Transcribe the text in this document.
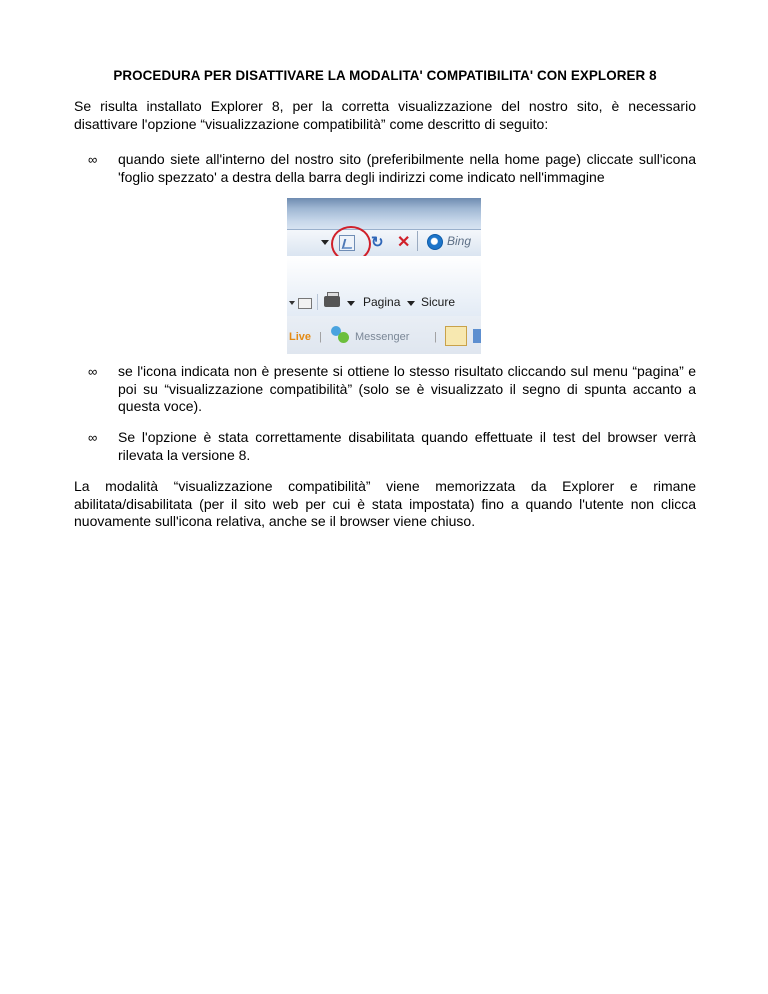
PROCEDURA PER DISATTIVARE LA MODALITA' COMPATIBILITA' CON EXPLORER 8

Se risulta installato Explorer 8, per la corretta visualizzazione del nostro sito, è necessario disattivare l'opzione “visualizzazione compatibilità” come descritto di seguito:

∞ quando siete all'interno del nostro sito (preferibilmente nella home page) cliccate sull'icona 'foglio spezzato' a destra della barra degli indirizzi come indicato nell'immagine

∞ se l'icona indicata non è presente si ottiene lo stesso risultato cliccando sul menu “pagina” e poi su “visualizzazione compatibilità” (solo se è visualizzato il segno di spunta accanto a questa voce).

∞ Se l'opzione è stata correttamente disabilitata quando effettuate il test del browser verrà rilevata la versione 8.

La modalità “visualizzazione compatibilità” viene memorizzata da Explorer e rimane abilitata/disabilitata (per il sito web per cui è stata impostata) fino a quando l'utente non clicca nuovamente sull'icona relativa, anche se il browser viene chiuso.

↻ ✕	Bing
Pagina Sicure
Live |	Messenger |
